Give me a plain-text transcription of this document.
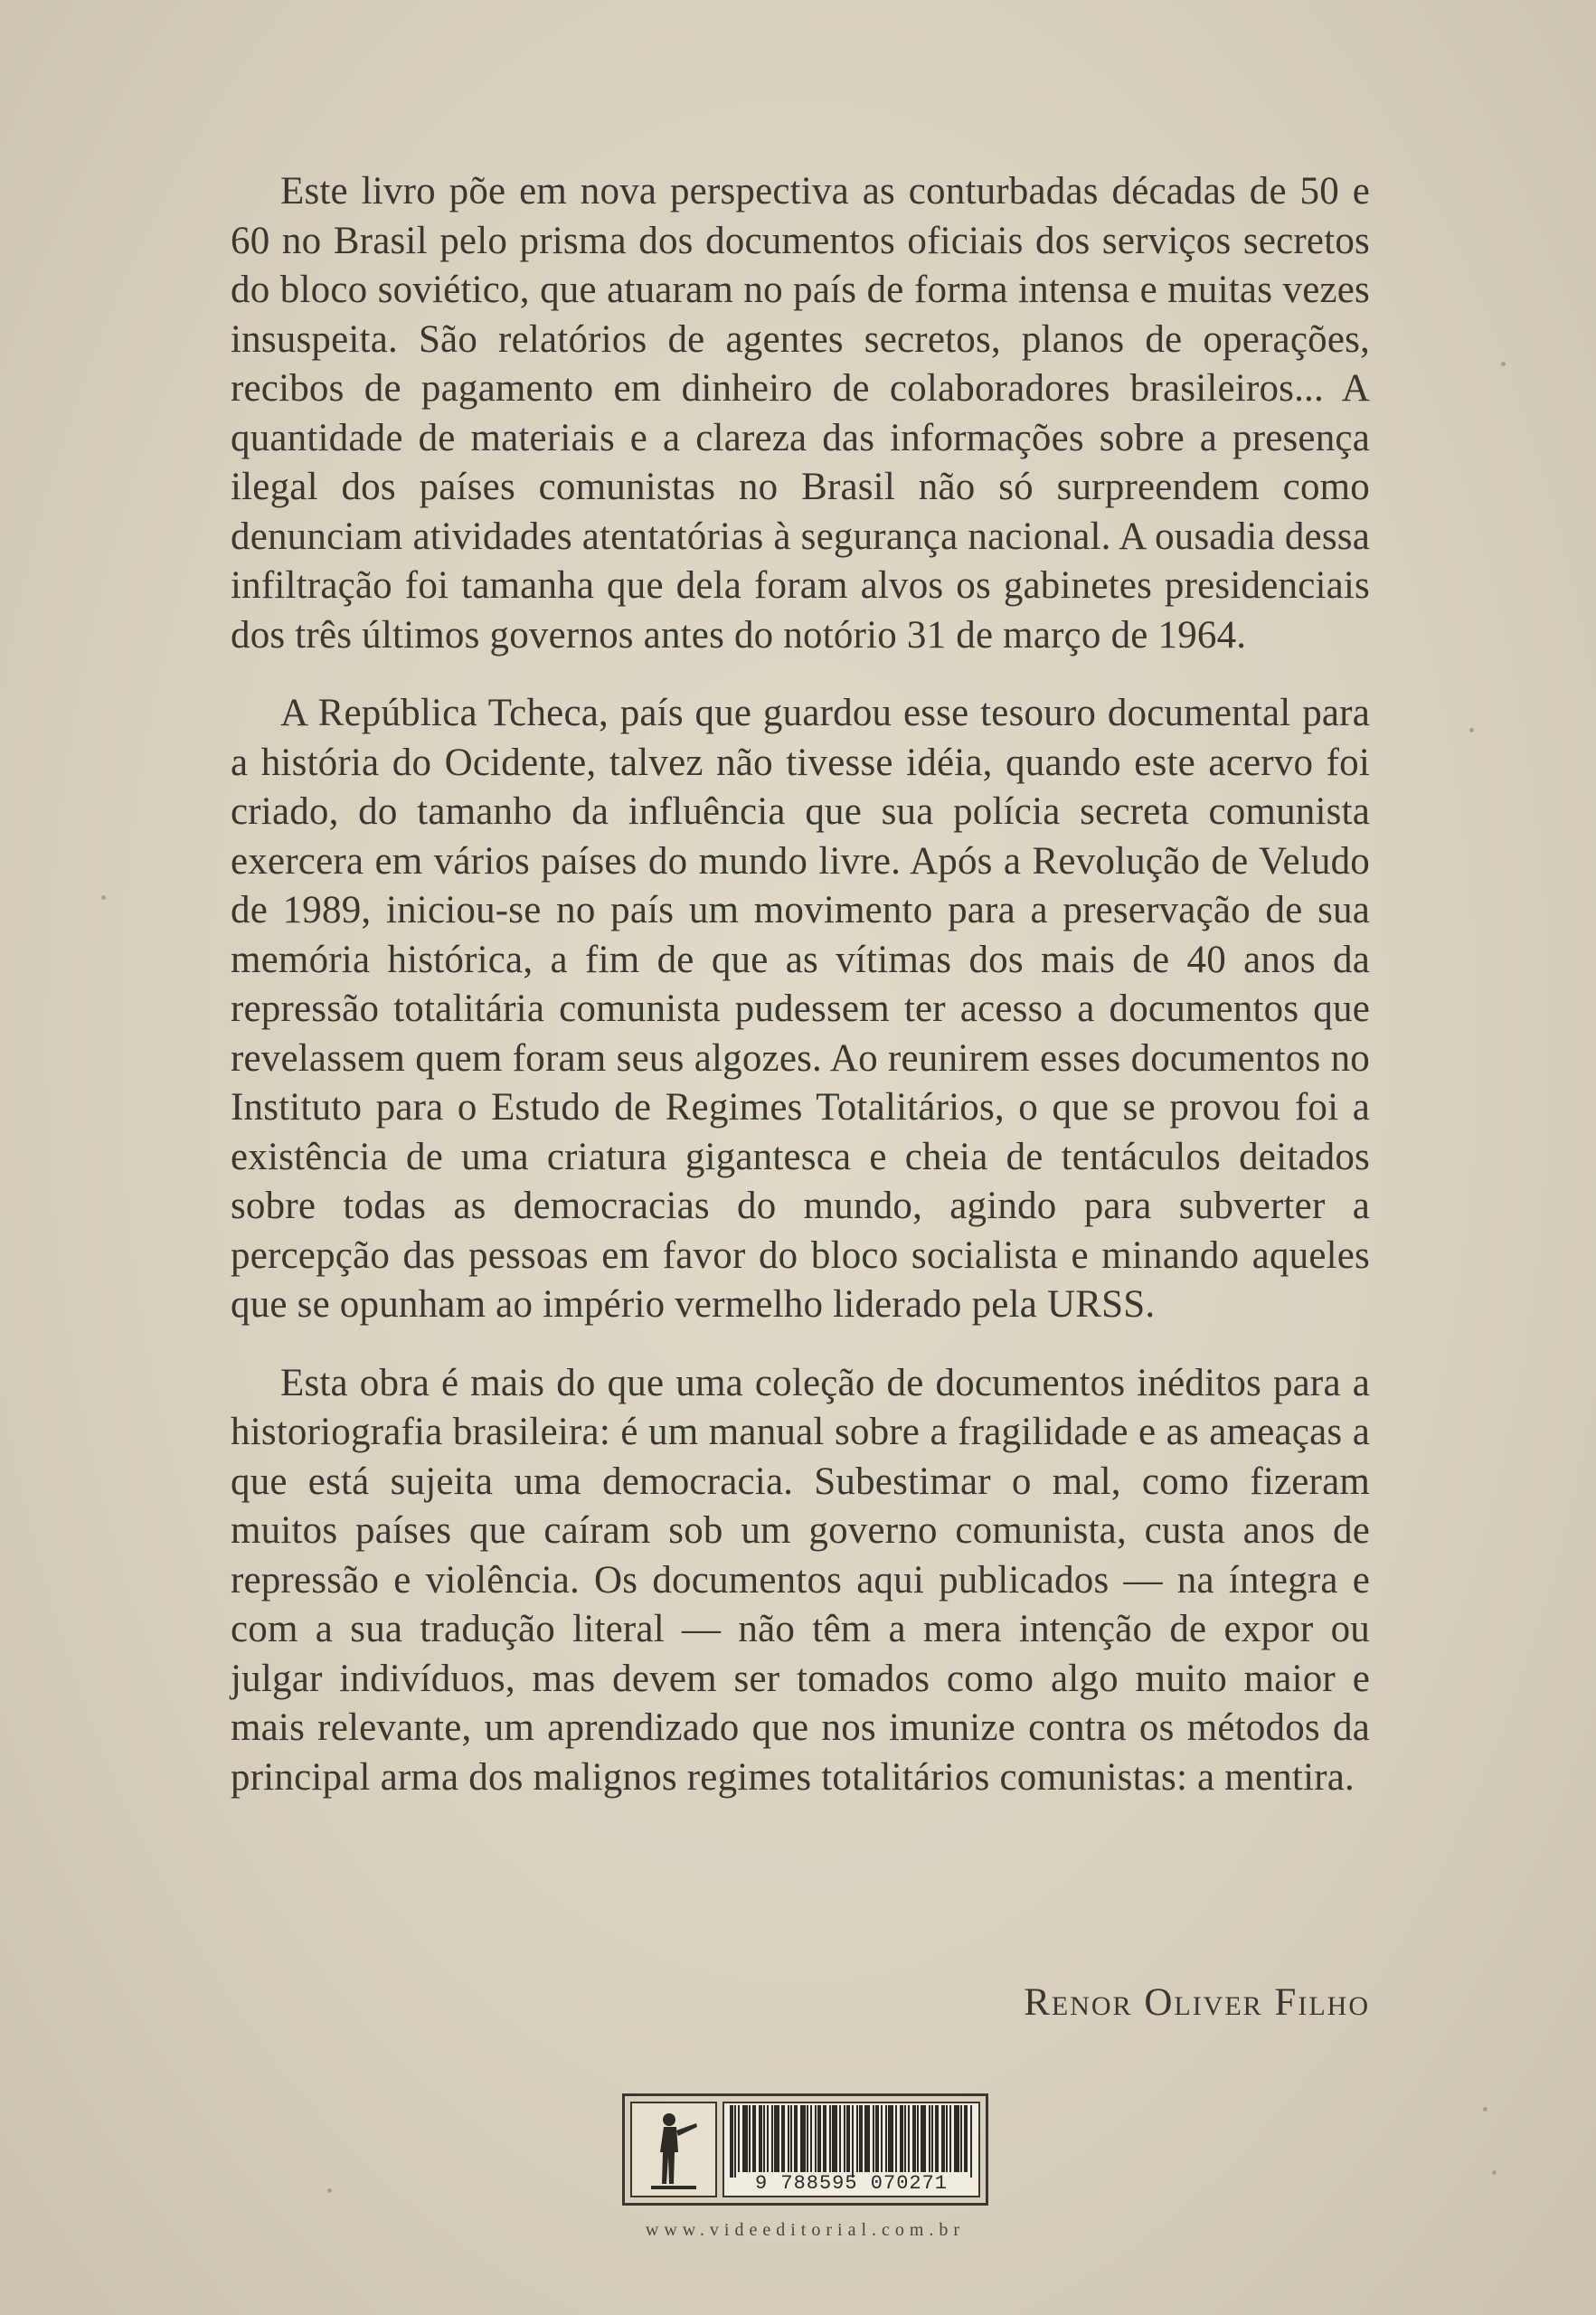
Este livro põe em nova perspectiva as conturbadas décadas de 50 e 60 no Brasil pelo prisma dos documentos oficiais dos serviços secretos do bloco soviético, que atuaram no país de forma intensa e muitas vezes insuspeita. São relatórios de agentes secretos, planos de operações, recibos de pagamento em dinheiro de colaboradores brasileiros... A quantidade de materiais e a clareza das informações sobre a presença ilegal dos países comunistas no Brasil não só surpreendem como denunciam atividades atentatórias à segurança nacional. A ousadia dessa infiltração foi tamanha que dela foram alvos os gabinetes presidenciais dos três últimos governos antes do notório 31 de março de 1964.

A República Tcheca, país que guardou esse tesouro documental para a história do Ocidente, talvez não tivesse idéia, quando este acervo foi criado, do tamanho da influência que sua polícia secreta comunista exercera em vários países do mundo livre. Após a Revolução de Veludo de 1989, iniciou-se no país um movimento para a preservação de sua memória histórica, a fim de que as vítimas dos mais de 40 anos da repressão totalitária comunista pudessem ter acesso a documentos que revelassem quem foram seus algozes. Ao reunirem esses documentos no Instituto para o Estudo de Regimes Totalitários, o que se provou foi a existência de uma criatura gigantesca e cheia de tentáculos deitados sobre todas as democracias do mundo, agindo para subverter a percepção das pessoas em favor do bloco socialista e minando aqueles que se opunham ao império vermelho liderado pela URSS.

Esta obra é mais do que uma coleção de documentos inéditos para a historiografia brasileira: é um manual sobre a fragilidade e as ameaças a que está sujeita uma democracia. Subestimar o mal, como fizeram muitos países que caíram sob um governo comunista, custa anos de repressão e violência. Os documentos aqui publicados — na íntegra e com a sua tradução literal — não têm a mera intenção de expor ou julgar indivíduos, mas devem ser tomados como algo muito maior e mais relevante, um aprendizado que nos imunize contra os métodos da principal arma dos malignos regimes totalitários comunistas: a mentira.

Renor Oliver Filho
9 788595 070271
www.videeditorial.com.br
